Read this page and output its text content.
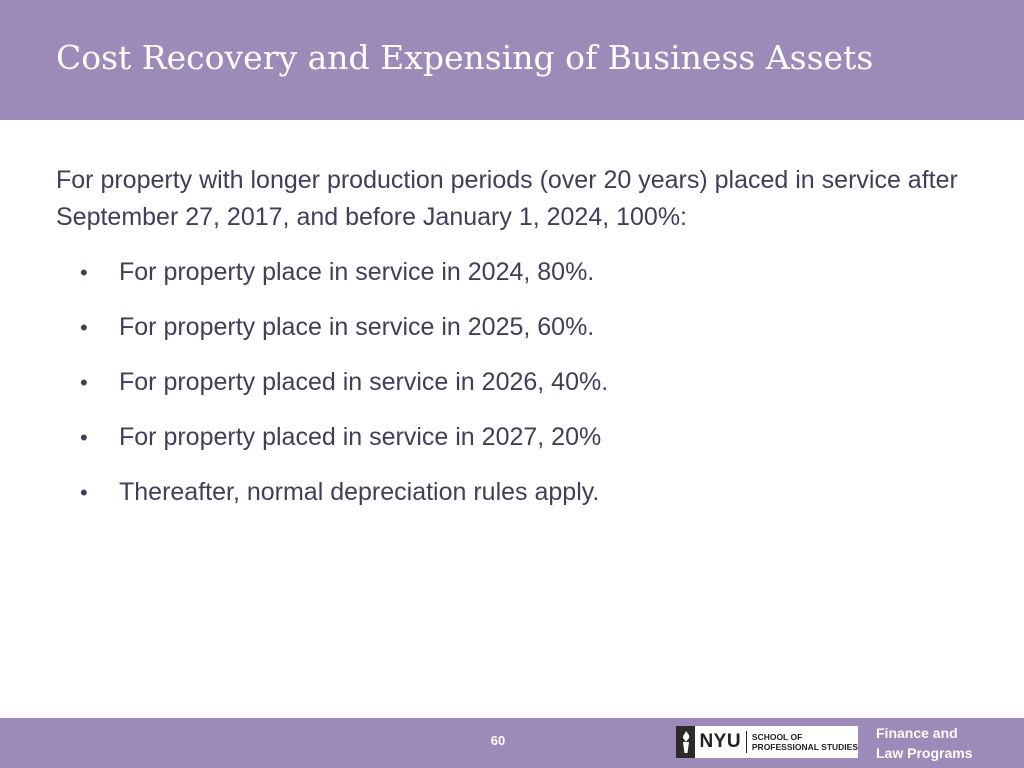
Cost Recovery and Expensing of Business Assets
For property with longer production periods (over 20 years) placed in service after September 27, 2017, and before January 1, 2024, 100%:
• For property place in service in 2024, 80%.
• For property place in service in 2025, 60%.
• For property placed in service in 2026, 40%.
• For property placed in service in 2027, 20%
• Thereafter, normal depreciation rules apply.
60	NYU	SCHOOL OF
PROFESSIONAL STUDIES
Finance and
Law Programs
